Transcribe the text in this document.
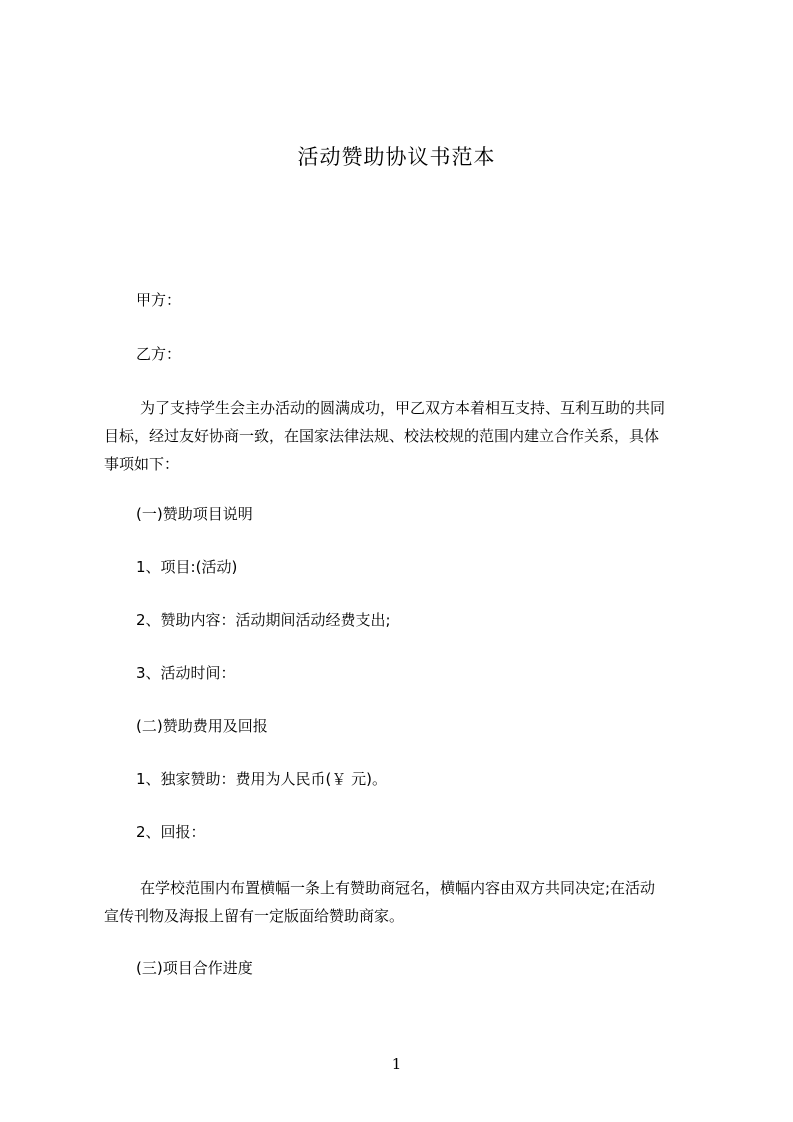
活动赞助协议书范本
甲方：
乙方：
为了支持学生会主办活动的圆满成功，甲乙双方本着相互支持、互利互助的共同
目标，经过友好协商一致，在国家法律法规、校法校规的范围内建立合作关系，具体
事项如下：
(一)赞助项目说明
1、项目:(活动)
2、赞助内容：活动期间活动经费支出;
3、活动时间：
(二)赞助费用及回报
1、独家赞助：费用为人民币(￥ 元)。
2、回报：
在学校范围内布置横幅一条上有赞助商冠名，横幅内容由双方共同决定;在活动
宣传刊物及海报上留有一定版面给赞助商家。
(三)项目合作进度
1
